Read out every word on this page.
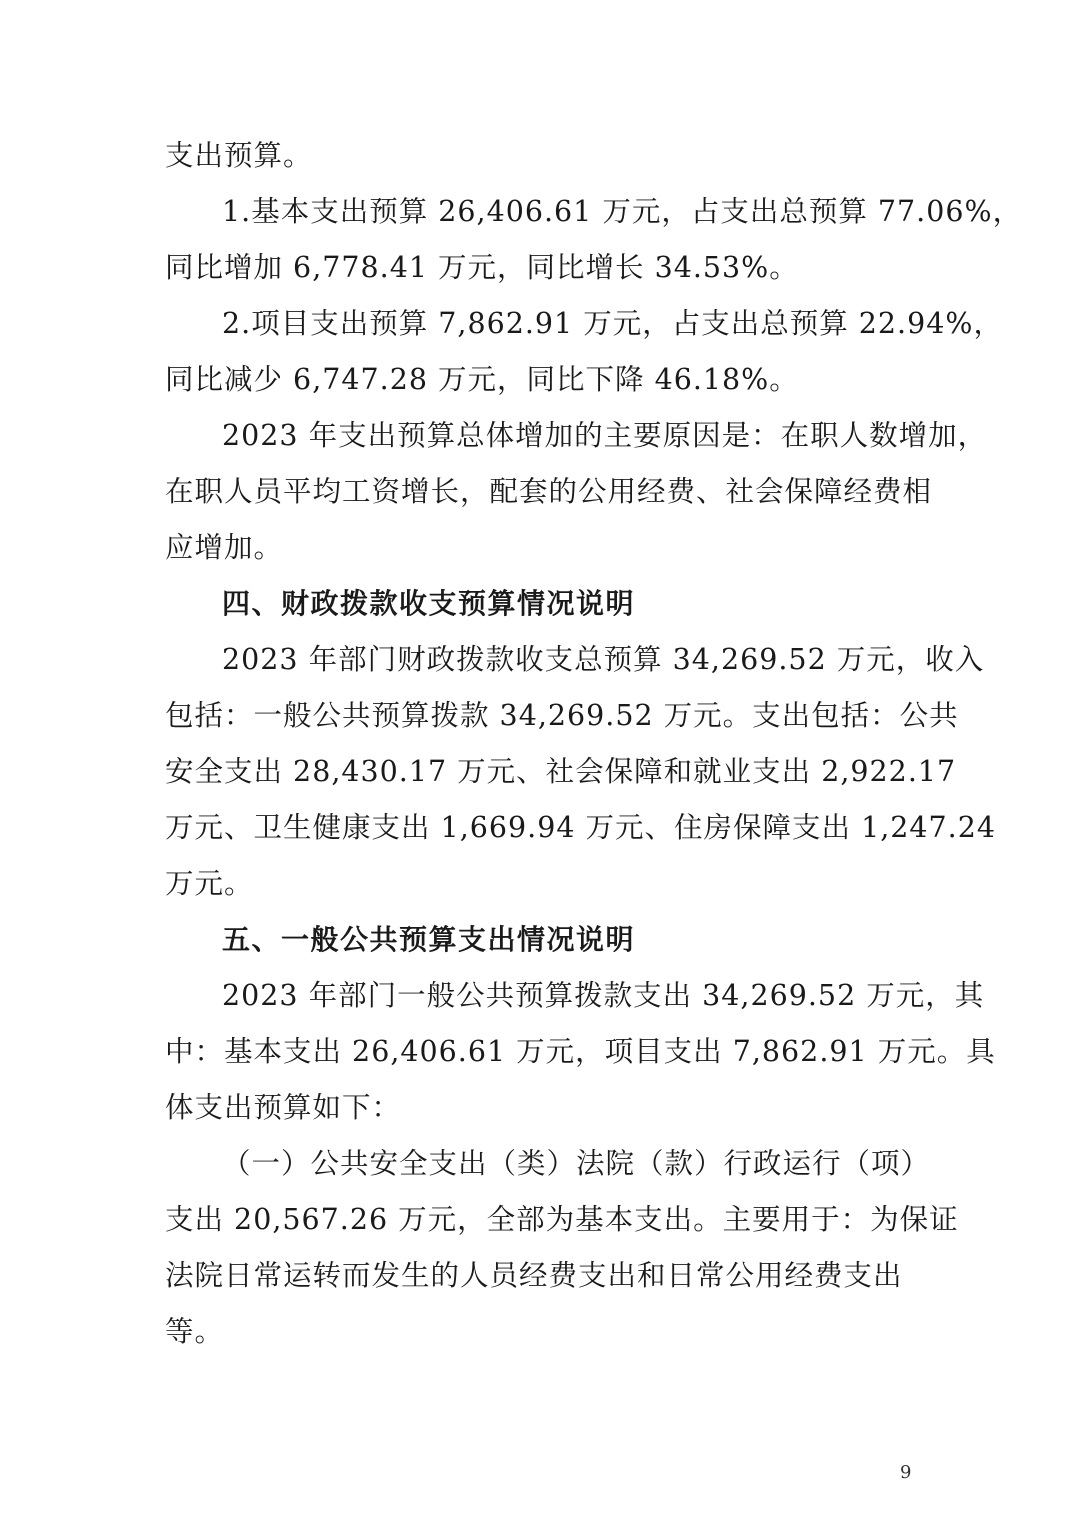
支出预算。
1.基本支出预算 26,406.61 万元，占支出总预算 77.06%，
同比增加 6,778.41 万元，同比增长 34.53%。
2.项目支出预算 7,862.91 万元，占支出总预算 22.94%，
同比减少 6,747.28 万元，同比下降 46.18%。
2023 年支出预算总体增加的主要原因是：在职人数增加，
在职人员平均工资增长，配套的公用经费、社会保障经费相
应增加。
四、财政拨款收支预算情况说明
2023 年部门财政拨款收支总预算 34,269.52 万元，收入
包括：一般公共预算拨款 34,269.52 万元。支出包括：公共
安全支出 28,430.17 万元、社会保障和就业支出 2,922.17
万元、卫生健康支出 1,669.94 万元、住房保障支出 1,247.24
万元。
五、一般公共预算支出情况说明
2023 年部门一般公共预算拨款支出 34,269.52 万元，其
中：基本支出 26,406.61 万元，项目支出 7,862.91 万元。具
体支出预算如下：
（一）公共安全支出（类）法院（款）行政运行（项）
支出 20,567.26 万元，全部为基本支出。主要用于：为保证
法院日常运转而发生的人员经费支出和日常公用经费支出
等。
9
